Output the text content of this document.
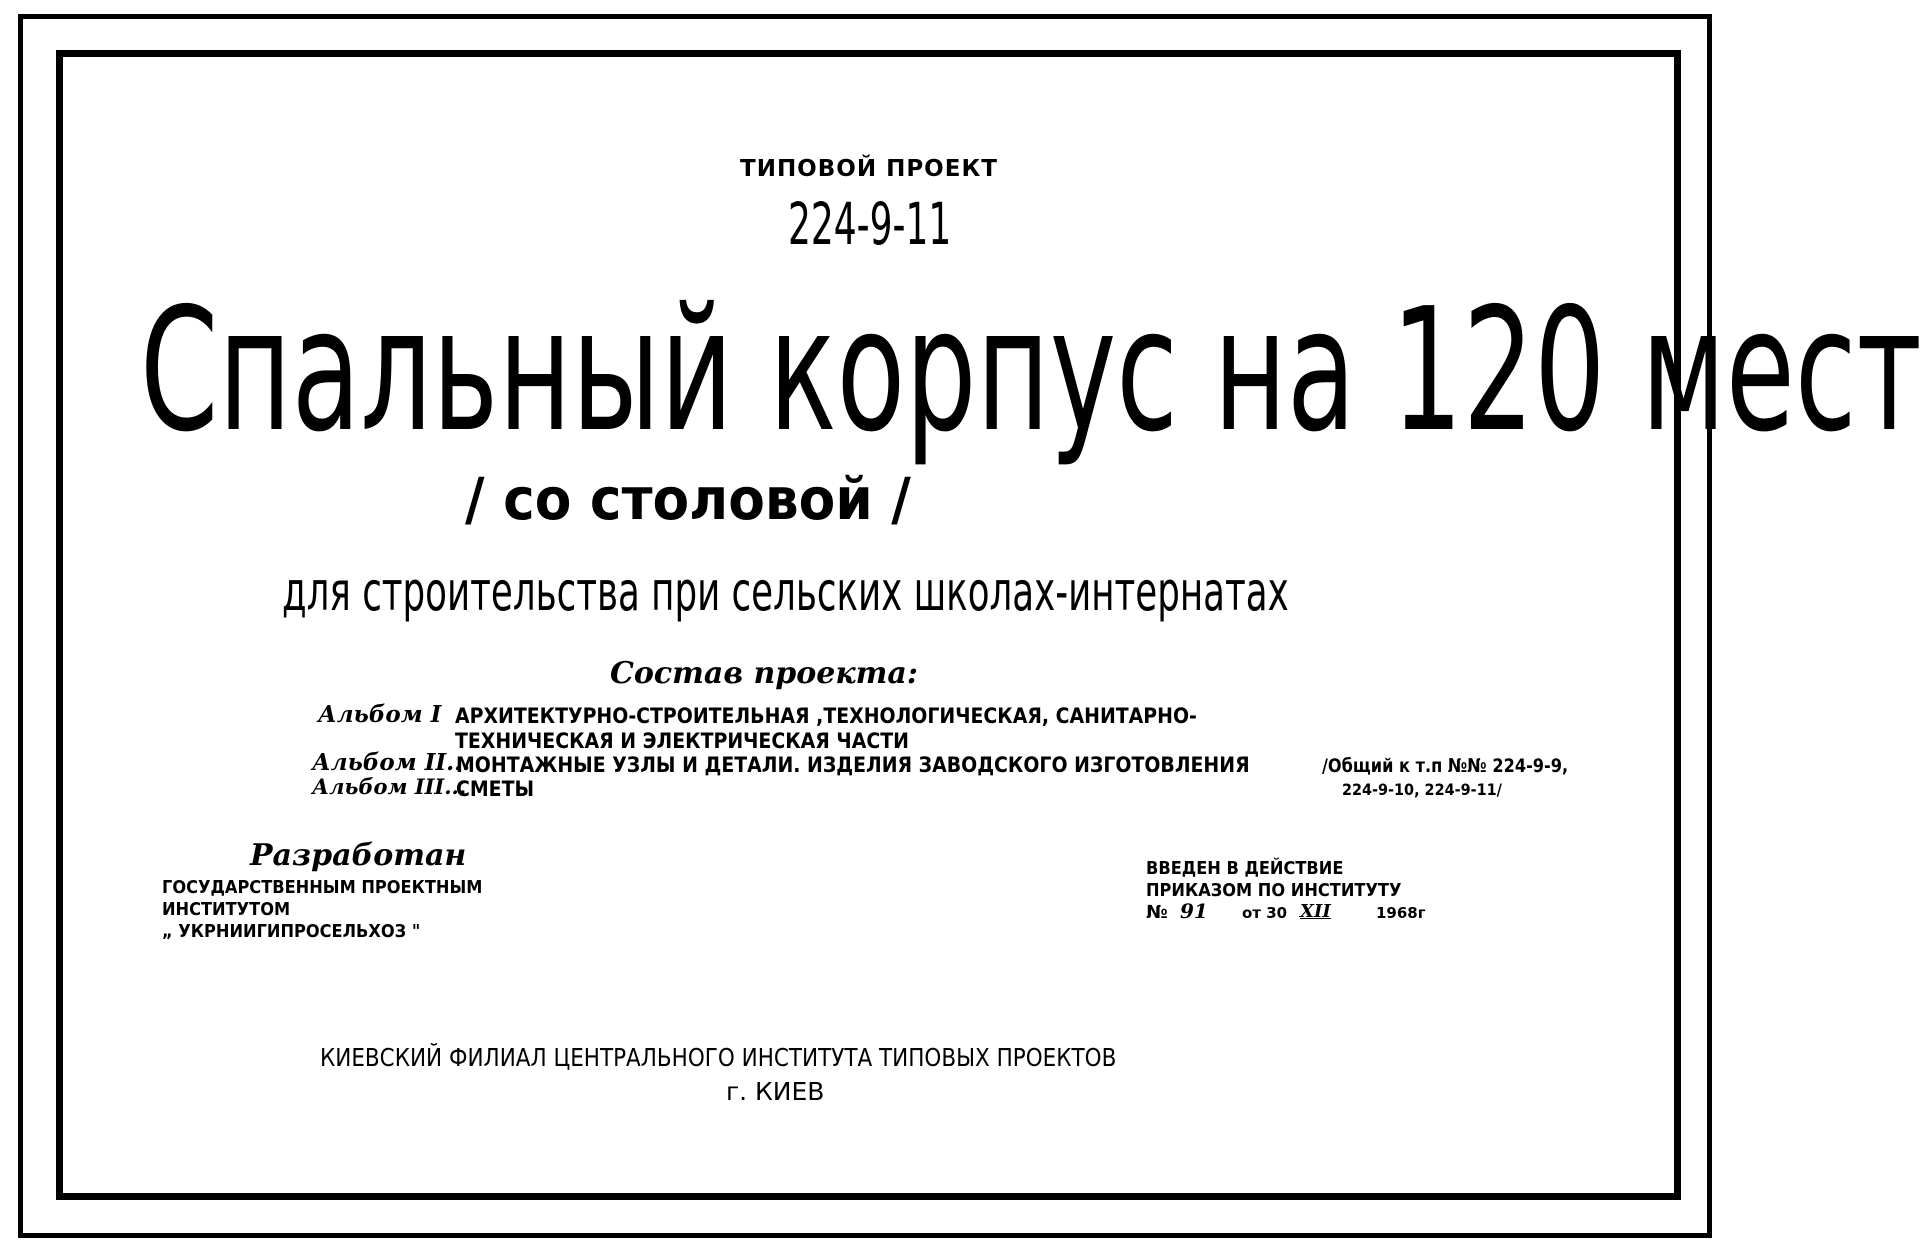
ТИПОВОЙ ПРОЕКТ
224-9-11
Спальный корпус на 120 мест
/ со столовой /
для строительства при сельских школах-интернатах
Состав проекта:
Альбом I АРХИТЕКТУРНО-СТРОИТЕЛЬНАЯ ,ТЕХНОЛОГИЧЕСКАЯ, САНИТАРНО-
ТЕХНИЧЕСКАЯ И ЭЛЕКТРИЧЕСКАЯ ЧАСТИ
Альбом II...
МОНТАЖНЫЕ УЗЛЫ И ДЕТАЛИ. ИЗДЕЛИЯ ЗАВОДСКОГО ИЗГОТОВЛЕНИЯ
Альбом III...
СМЕТЫ
/Общий к т.п №№ 224-9-9,
224-9-10, 224-9-11/
Разработан
ГОСУДАРСТВЕННЫМ ПРОЕКТНЫМ
ИНСТИТУТОМ
„ УКРНИИГИПРОСЕЛЬХОЗ "
ВВЕДЕН В ДЕЙСТВИЕ
ПРИКАЗОМ ПО ИНСТИТУТУ
№ 91 от 30 XII	1968г
КИЕВСКИЙ ФИЛИАЛ ЦЕНТРАЛЬНОГО ИНСТИТУТА ТИПОВЫХ ПРОЕКТОВ
г. КИЕВ
